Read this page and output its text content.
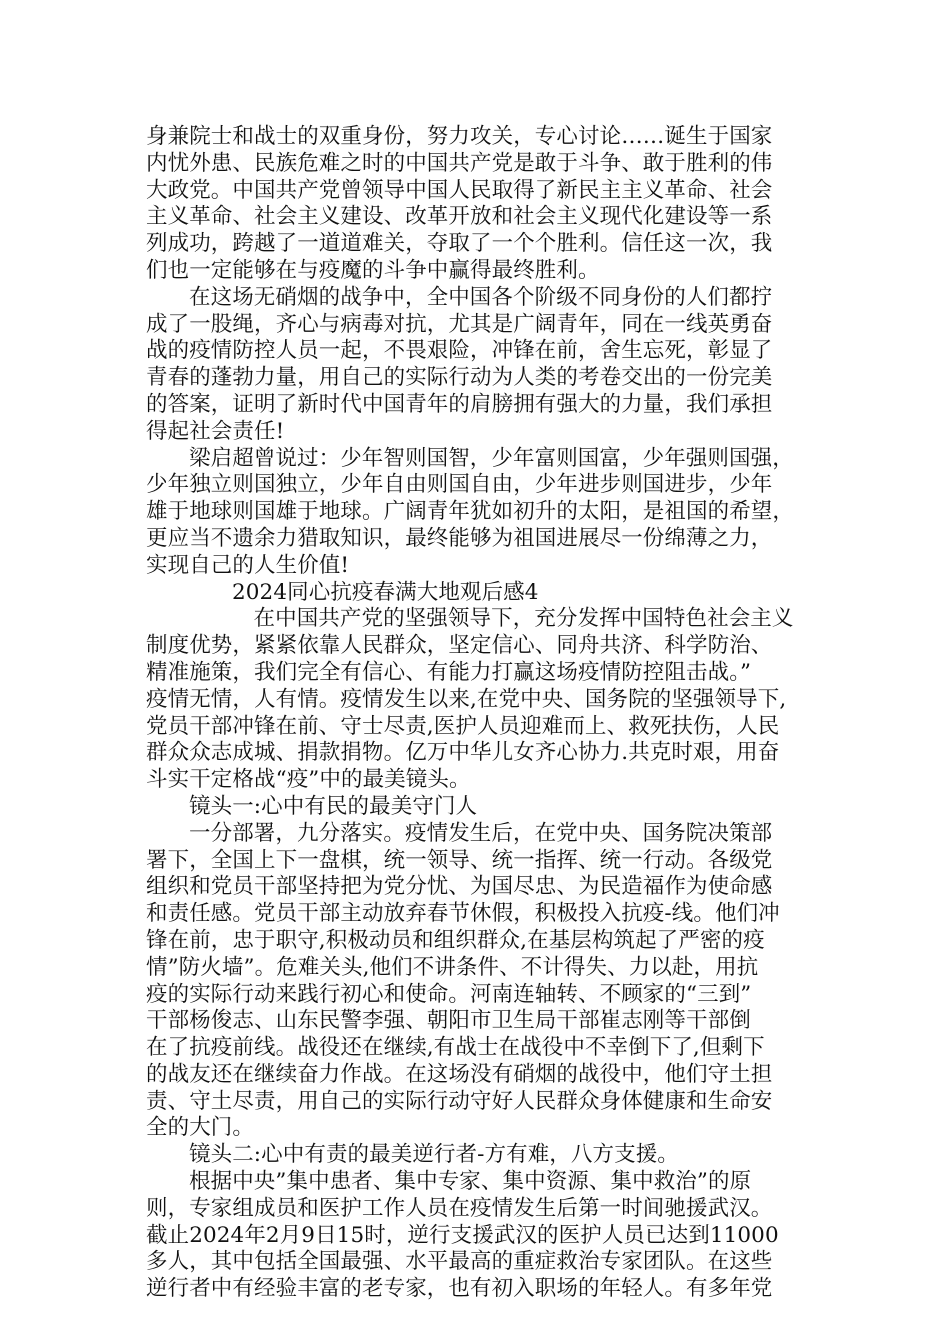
身兼院士和战士的双重身份，努力攻关，专心讨论……诞生于国家
内忧外患、民族危难之时的中国共产党是敢于斗争、敢于胜利的伟
大政党。中国共产党曾领导中国人民取得了新民主主义革命、社会
主义革命、社会主义建设、改革开放和社会主义现代化建设等一系
列成功，跨越了一道道难关，夺取了一个个胜利。信任这一次，我
们也一定能够在与疫魔的斗争中赢得最终胜利。
在这场无硝烟的战争中，全中国各个阶级不同身份的人们都拧
成了一股绳，齐心与病毒对抗，尤其是广阔青年，同在一线英勇奋
战的疫情防控人员一起，不畏艰险，冲锋在前，舍生忘死，彰显了
青春的蓬勃力量，用自己的实际行动为人类的考卷交出的一份完美
的答案，证明了新时代中国青年的肩膀拥有强大的力量，我们承担
得起社会责任!
梁启超曾说过：少年智则国智，少年富则国富，少年强则国强，
少年独立则国独立，少年自由则国自由，少年进步则国进步，少年
雄于地球则国雄于地球。广阔青年犹如初升的太阳，是祖国的希望，
更应当不遗余力猎取知识，最终能够为祖国进展尽一份绵薄之力，
实现自己的人生价值!
2024同心抗疫春满大地观后感4
在中国共产党的坚强领导下，充分发挥中国特色社会主义
制度优势，紧紧依靠人民群众，坚定信心、同舟共济、科学防治、
精准施策，我们完全有信心、有能力打赢这场疫情防控阻击战。”
疫情无情，人有情。疫情发生以来,在党中央、国务院的坚强领导下,
党员干部冲锋在前、守士尽责,医护人员迎难而上、救死扶伤，人民
群众众志成城、捐款捐物。亿万中华儿女齐心协力.共克时艰，用奋
斗实干定格战“疫”中的最美镜头。
镜头一:心中有民的最美守门人
一分部署，九分落实。疫情发生后，在党中央、国务院决策部
署下，全国上下一盘棋，统一领导、统一指挥、统一行动。各级党
组织和党员干部坚持把为党分忧、为国尽忠、为民造福作为使命感
和责任感。党员干部主动放弃春节休假，积极投入抗疫-线。他们冲
锋在前，忠于职守,积极动员和组织群众,在基层构筑起了严密的疫
情”防火墙”。危难关头,他们不讲条件、不计得失、力以赴，用抗
疫的实际行动来践行初心和使命。河南连轴转、不顾家的“三到”
干部杨俊志、山东民警李强、朝阳市卫生局干部崔志刚等干部倒
在了抗疫前线。战役还在继续,有战士在战役中不幸倒下了,但剩下
的战友还在继续奋力作战。在这场没有硝烟的战役中，他们守土担
责、守土尽责，用自己的实际行动守好人民群众身体健康和生命安
全的大门。
镜头二:心中有责的最美逆行者-方有难，八方支援。
根据中央”集中患者、集中专家、集中资源、集中救治”的原
则，专家组成员和医护工作人员在疫情发生后第一时间驰援武汉。
截止2024年2月9日15时，逆行支援武汉的医护人员已达到11000
多人，其中包括全国最强、水平最高的重症救治专家团队。在这些
逆行者中有经验丰富的老专家，也有初入职场的年轻人。有多年党
